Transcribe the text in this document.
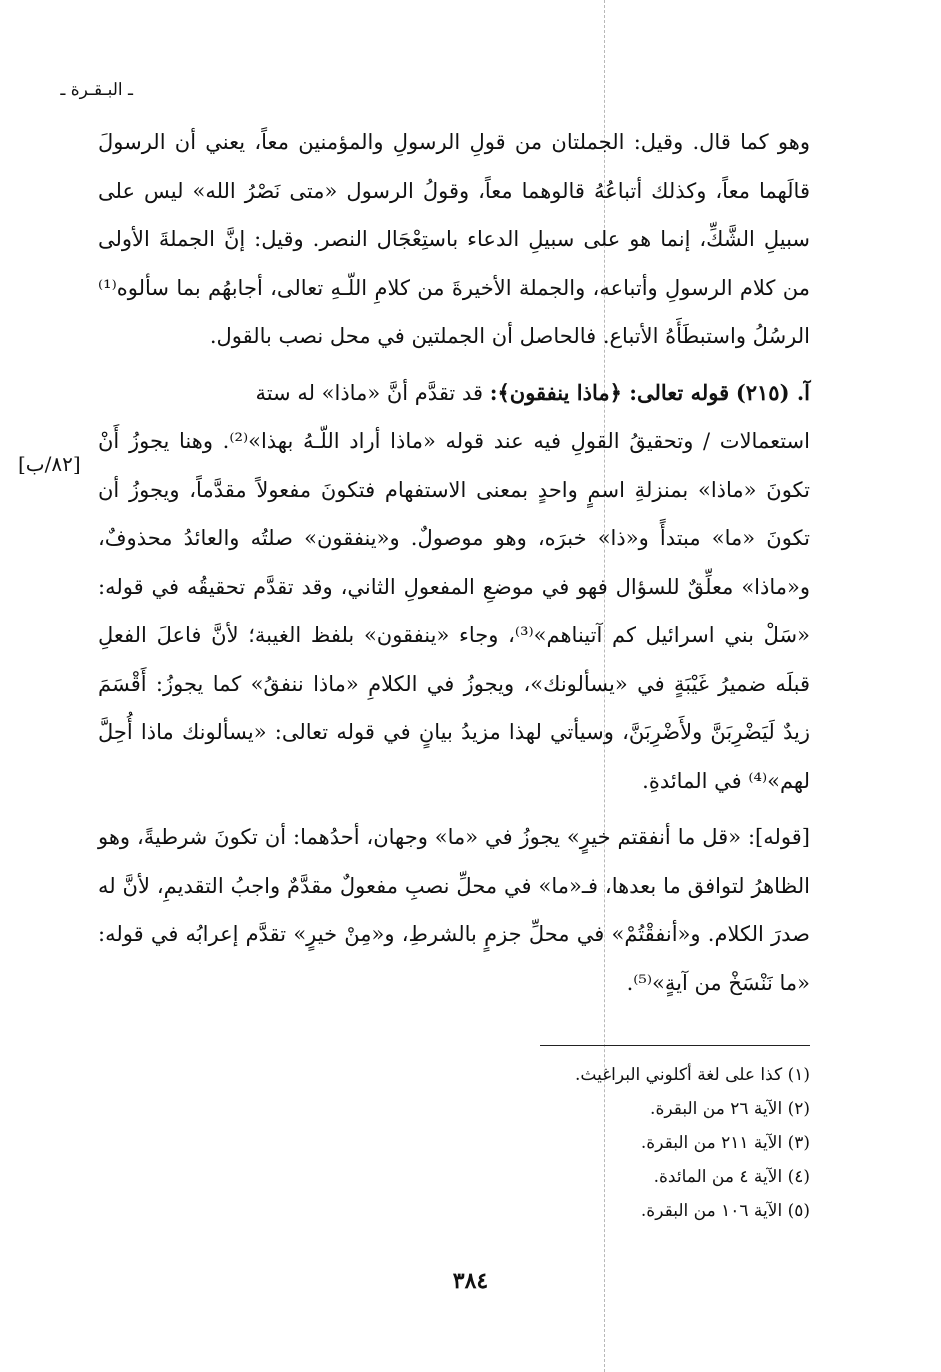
ـ البـقـرة ـ
[٨٢/ب]

وهو كما قال. وقيل: الجملتان من قولِ الرسولِ والمؤمنين معاً، يعني أن الرسولَ قالَهما معاً، وكذلك أتباعُهُ قالوهما معاً، وقولُ الرسول «متى نَصْرُ الله» ليس على سبيلِ الشَّكِّ، إنما هو على سبيلِ الدعاء باستِعْجَال النصر. وقيل: إنَّ الجملةَ الأولى من كلام الرسولِ وأتباعه، والجملة الأخيرةَ من كلامِ اللّـهِ تعالى، أجابهُم بما سألوه⁽¹⁾ الرسُلُ واستبطَأَهُ الأتباع. فالحاصل أن الجملتين في محل نصب بالقول.

آ. (٢١٥) قوله تعالى: ﴿ماذا ينفقون﴾: قد تقدَّم أنَّ «ماذا» له ستة

استعمالات / وتحقيقُ القولِ فيه عند قوله «ماذا أراد اللّـهُ بهذا»⁽²⁾. وهنا يجوزُ أَنْ تكونَ «ماذا» بمنزلةِ اسمٍ واحدٍ بمعنى الاستفهام فتكونَ مفعولاً مقدَّماً، ويجوزُ أن تكونَ «ما» مبتدأً و«ذا» خبرَه، وهو موصولٌ. و«ينفقون» صلتُه والعائدُ محذوفٌ، و«ماذا» معلِّقٌ للسؤال فهو في موضعِ المفعولِ الثاني، وقد تقدَّم تحقيقُه في قوله: «سَلْ بني اسرائيل كم آتيناهم»⁽³⁾، وجاء «ينفقون» بلفظ الغيبة؛ لأنَّ فاعلَ الفعلِ قبلَه ضميرُ غَيْبَةٍ في «يسألونك»، ويجوزُ في الكلامِ «ماذا ننفقُ» كما يجوزُ: أَقْسَمَ زيدٌ لَيَضْرِبَنَّ ولأَضْرِبَنَّ، وسيأتي لهذا مزيدُ بيانٍ في قوله تعالى: «يسألونك ماذا أُحِلَّ لهم»⁽⁴⁾ في المائدةِ.

[قوله]: «قل ما أنفقتم خيرٍ» يجوزُ في «ما» وجهان، أحدُهما: أن تكونَ شرطيةً، وهو الظاهرُ لتوافق ما بعدها، فـ«ما» في محلِّ نصبِ مفعولٌ مقدَّمٌ واجبُ التقديمِ، لأنَّ له صدرَ الكلام. و«أنفقْتُمْ» في محلِّ جزمٍ بالشرطِ، و«مِنْ خيرٍ» تقدَّم إعرابُه في قوله: «ما نَنْسَخْ من آيةٍ»⁽⁵⁾.

(١) كذا على لغة أكلوني البراغيث.
(٢) الآية ٢٦ من البقرة.
(٣) الآية ٢١١ من البقرة.
(٤) الآية ٤ من المائدة.
(٥) الآية ١٠٦ من البقرة.
٣٨٤
